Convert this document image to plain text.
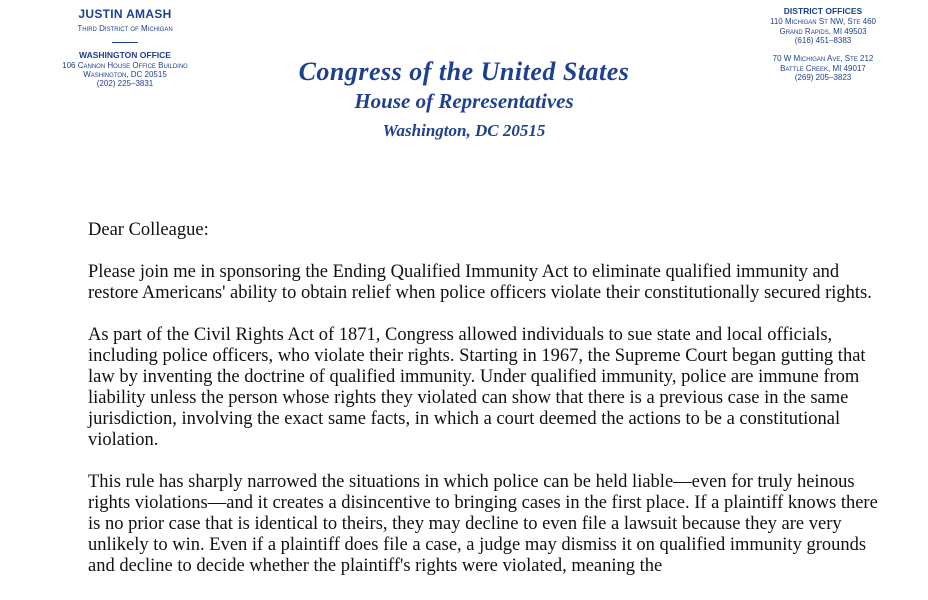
JUSTIN AMASH
Third District of Michigan
WASHINGTON OFFICE
106 Cannon House Office Building
Washington, DC 20515
(202) 225–3831	Congress of the United States
House of Representatives
Washington, DC 20515
DISTRICT OFFICES
110 Michigan St NW, Ste 460
Grand Rapids, MI 49503
(616) 451–8383
70 W Michigan Ave, Ste 212
Battle Creek, MI 49017
(269) 205–3823

Dear Colleague:

Please join me in sponsoring the Ending Qualified Immunity Act to eliminate qualified immunity and restore Americans' ability to obtain relief when police officers violate their constitutionally secured rights.

As part of the Civil Rights Act of 1871, Congress allowed individuals to sue state and local officials, including police officers, who violate their rights. Starting in 1967, the Supreme Court began gutting that law by inventing the doctrine of qualified immunity. Under qualified immunity, police are immune from liability unless the person whose rights they violated can show that there is a previous case in the same jurisdiction, involving the exact same facts, in which a court deemed the actions to be a constitutional violation.

This rule has sharply narrowed the situations in which police can be held liable—even for truly heinous rights violations—and it creates a disincentive to bringing cases in the first place. If a plaintiff knows there is no prior case that is identical to theirs, they may decline to even file a lawsuit because they are very unlikely to win. Even if a plaintiff does file a case, a judge may dismiss it on qualified immunity grounds and decline to decide whether the plaintiff's rights were violated, meaning the
